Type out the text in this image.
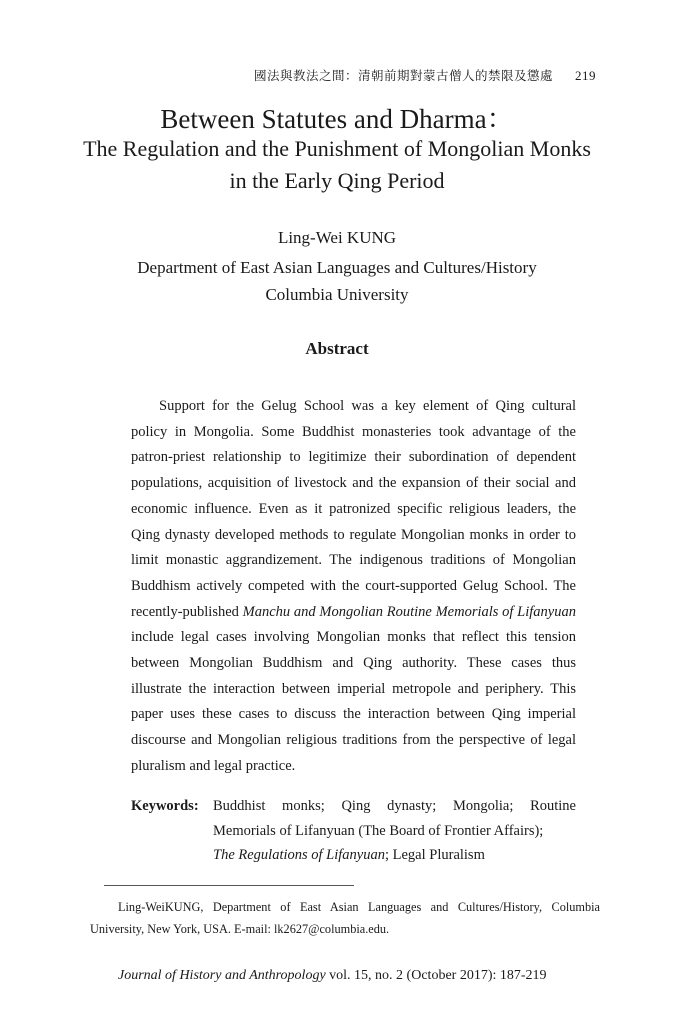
國法與教法之間：清朝前期對蒙古僧人的禁限及懲處 219
Between Statutes and Dharma：
The Regulation and the Punishment of Mongolian Monks
in the Early Qing Period
Ling-Wei KUNG
Department of East Asian Languages and Cultures/History
Columbia University
Abstract

Support for the Gelug School was a key element of Qing cultural policy in Mongolia. Some Buddhist monasteries took advantage of the patron-priest relationship to legitimize their subordination of dependent populations, acquisition of livestock and the expansion of their social and economic influence. Even as it patronized specific religious leaders, the Qing dynasty developed methods to regulate Mongolian monks in order to limit monastic aggrandizement. The indigenous traditions of Mongolian Buddhism actively competed with the court-supported Gelug School. The recently-published Manchu and Mongolian Routine Memorials of Lifanyuan include legal cases involving Mongolian monks that reflect this tension between Mongolian Buddhism and Qing authority. These cases thus illustrate the interaction between imperial metropole and periphery. This paper uses these cases to discuss the interaction between Qing imperial discourse and Mongolian religious traditions from the perspective of legal pluralism and legal practice.

Keywords: Buddhist monks; Qing dynasty; Mongolia; Routine
Memorials of Lifanyuan (The Board of Frontier Affairs);
The Regulations of Lifanyuan; Legal Pluralism
Ling-WeiKUNG, Department of East Asian Languages and Cultures/History, Columbia
University, New York, USA. E-mail: lk2627@columbia.edu.
Journal of History and Anthropology vol. 15, no. 2 (October 2017): 187-219
